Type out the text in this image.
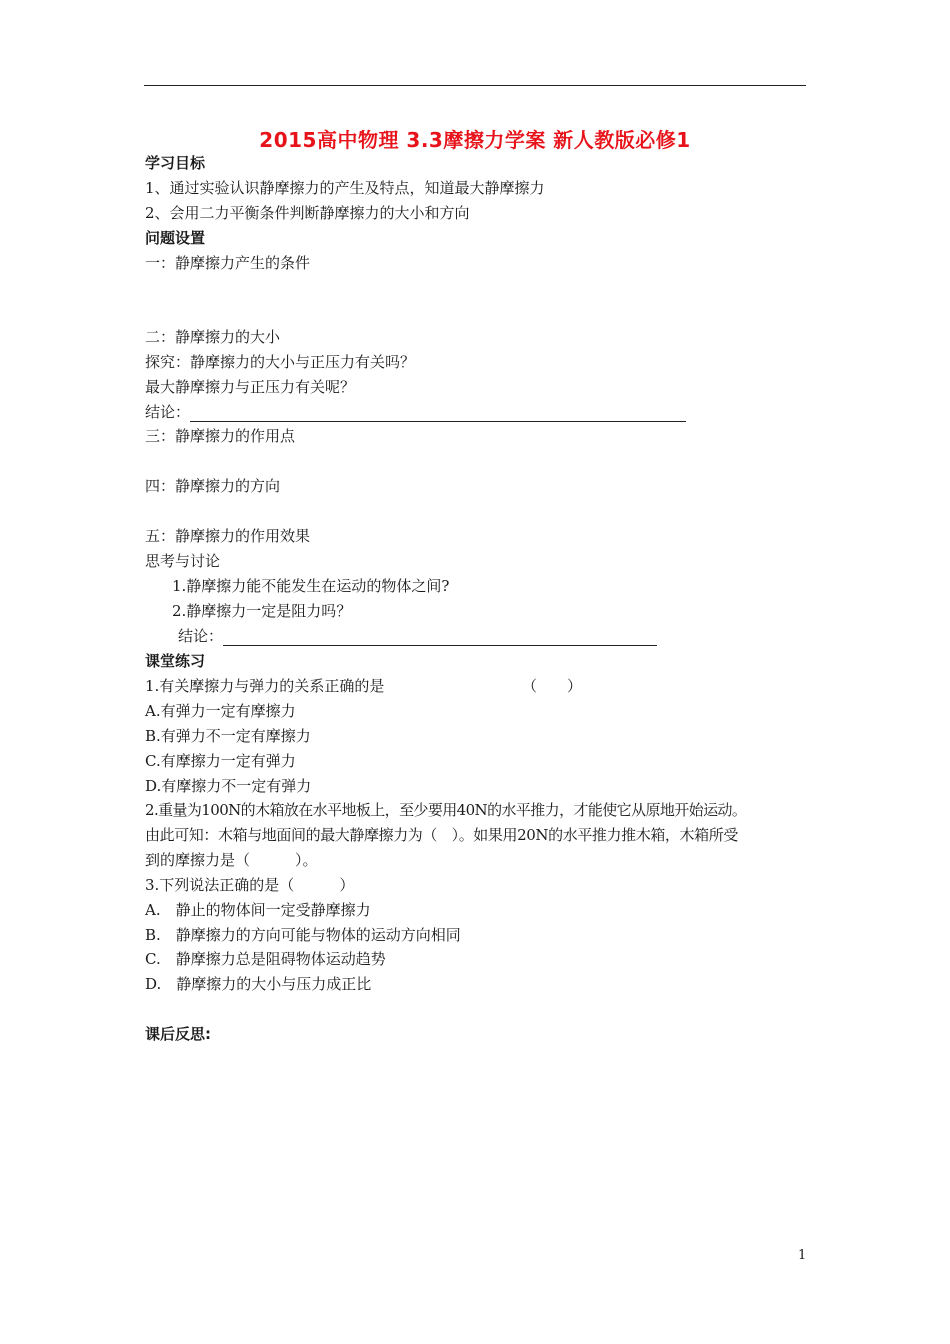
2015高中物理 3.3摩擦力学案 新人教版必修1
学习目标
1、通过实验认识静摩擦力的产生及特点，知道最大静摩擦力
2、会用二力平衡条件判断静摩擦力的大小和方向
问题设置
一：静摩擦力产生的条件
二：静摩擦力的大小
探究：静摩擦力的大小与正压力有关吗？
最大静摩擦力与正压力有关呢？
结论：
三：静摩擦力的作用点
四：静摩擦力的方向
五：静摩擦力的作用效果
思考与讨论
1.静摩擦力能不能发生在运动的物体之间?
2.静摩擦力一定是阻力吗？
结论：
课堂练习
1.有关摩擦力与弹力的关系正确的是	（　　）
A.有弹力一定有摩擦力
B.有弹力不一定有摩擦力
C.有摩擦力一定有弹力
D.有摩擦力不一定有弹力
2.重量为100N的木箱放在水平地板上，至少要用40N的水平推力，才能使它从原地开始运动。
由此可知：木箱与地面间的最大静摩擦力为（　）。如果用20N的水平推力推木箱，木箱所受
到的摩擦力是（　　　）。
3.下列说法正确的是（　　　）
A.　静止的物体间一定受静摩擦力
B.　静摩擦力的方向可能与物体的运动方向相同
C.　静摩擦力总是阻碍物体运动趋势
D.　静摩擦力的大小与压力成正比
课后反思:
1
